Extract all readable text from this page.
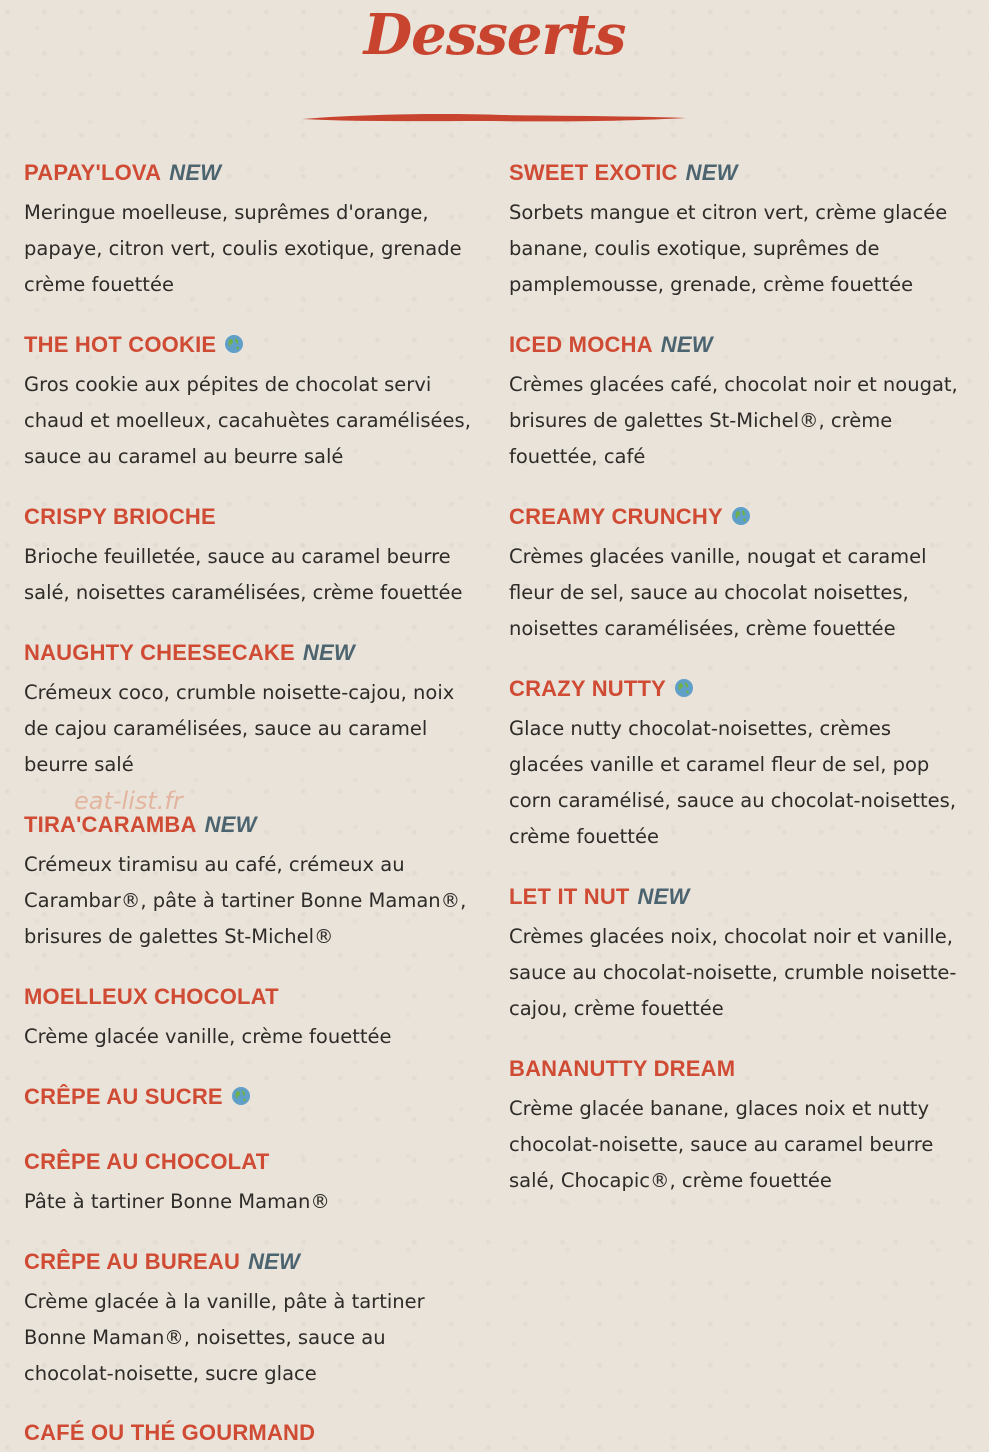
Desserts
PAPAY'LOVA NEW
Meringue moelleuse, suprêmes d'orange,
papaye, citron vert, coulis exotique, grenade
crème fouettée
THE HOT COOKIE
Gros cookie aux pépites de chocolat servi
chaud et moelleux, cacahuètes caramélisées,
sauce au caramel au beurre salé
CRISPY BRIOCHE
Brioche feuilletée, sauce au caramel beurre
salé, noisettes caramélisées, crème fouettée
NAUGHTY CHEESECAKE NEW
Crémeux coco, crumble noisette-cajou, noix
de cajou caramélisées, sauce au caramel
beurre salé
TIRA'CARAMBA NEW
Crémeux tiramisu au café, crémeux au
Carambar®, pâte à tartiner Bonne Maman®,
brisures de galettes St-Michel®
MOELLEUX CHOCOLAT
Crème glacée vanille, crème fouettée
CRÊPE AU SUCRE
CRÊPE AU CHOCOLAT
Pâte à tartiner Bonne Maman®
CRÊPE AU BUREAU NEW
Crème glacée à la vanille, pâte à tartiner
Bonne Maman®, noisettes, sauce au
chocolat-noisette, sucre glace
CAFÉ OU THÉ GOURMAND
SWEET EXOTIC NEW
Sorbets mangue et citron vert, crème glacée
banane, coulis exotique, suprêmes de
pamplemousse, grenade, crème fouettée
ICED MOCHA NEW
Crèmes glacées café, chocolat noir et nougat,
brisures de galettes St-Michel®, crème
fouettée, café
CREAMY CRUNCHY
Crèmes glacées vanille, nougat et caramel
fleur de sel, sauce au chocolat noisettes,
noisettes caramélisées, crème fouettée
CRAZY NUTTY
Glace nutty chocolat-noisettes, crèmes
glacées vanille et caramel fleur de sel, pop
corn caramélisé, sauce au chocolat-noisettes,
crème fouettée
LET IT NUT NEW
Crèmes glacées noix, chocolat noir et vanille,
sauce au chocolat-noisette, crumble noisette-
cajou, crème fouettée
BANANUTTY DREAM
Crème glacée banane, glaces noix et nutty
chocolat-noisette, sauce au caramel beurre
salé, Chocapic®, crème fouettée
eat-list.fr
